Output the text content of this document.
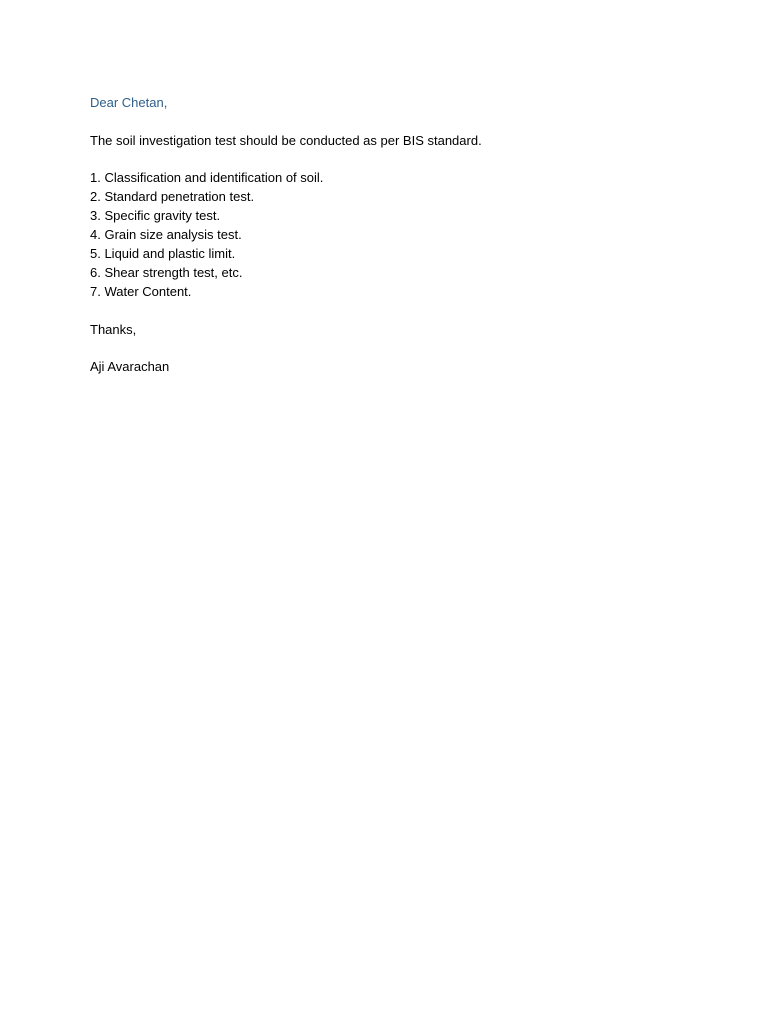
Dear Chetan,

The soil investigation test should be conducted as per BIS standard.

1. Classification and identification of soil.
2. Standard penetration test.
3. Specific gravity test.
4. Grain size analysis test.
5. Liquid and plastic limit.
6. Shear strength test, etc.
7. Water Content.

Thanks,

Aji Avarachan
